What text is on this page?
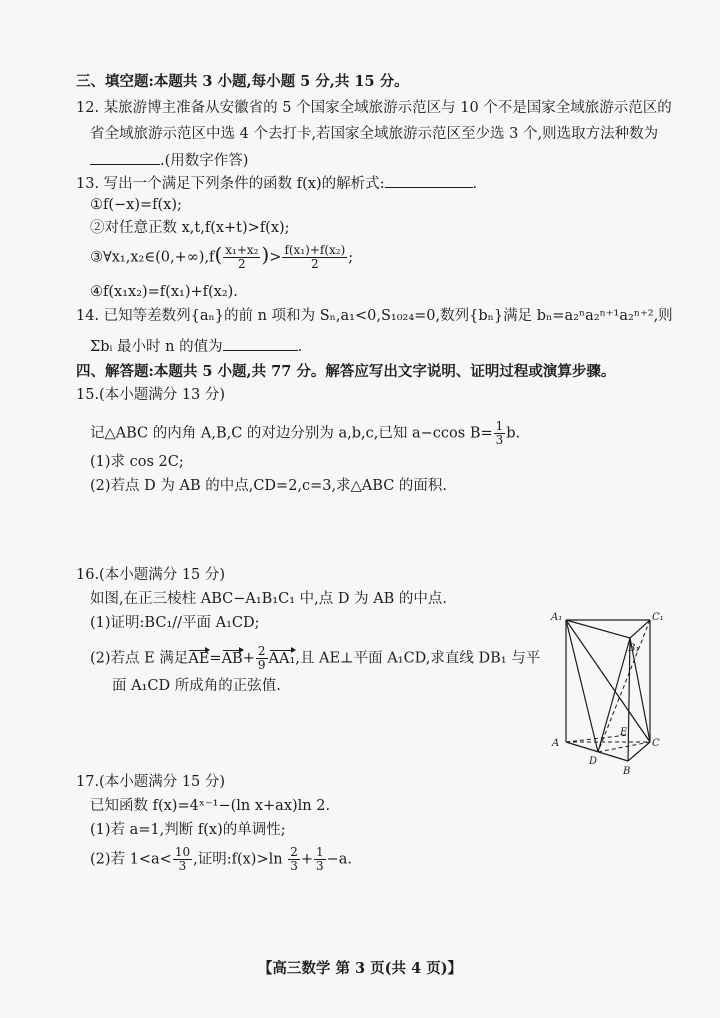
三、填空题:本题共 3 小题,每小题 5 分,共 15 分。
12. 某旅游博主准备从安徽省的 5 个国家全域旅游示范区与 10 个不是国家全域旅游示范区的
省全域旅游示范区中选 4 个去打卡,若国家全域旅游示范区至少选 3 个,则选取方法种数为
.(用数字作答)
13. 写出一个满足下列条件的函数 f(x)的解析式:	.
①f(−x)=f(x);
②对任意正数 x,t,f(x+t)>f(x);
③∀x₁,x₂∈(0,+∞),f( $\frac{\text{x₁+x₂}}{2}$ )> $\frac{\text{f(x₁)+f(x₂)}}{2}$ ;
④f(x₁x₂)=f(x₁)+f(x₂).
14. 已知等差数列{aₙ}的前 n 项和为 Sₙ,a₁<0,S₁₀₂₄=0,数列{bₙ}满足 bₙ=a₂ⁿa₂ⁿ⁺¹a₂ⁿ⁺²,则
Σbᵢ 最小时 n 的值为	.
四、解答题:本题共 5 小题,共 77 分。解答应写出文字说明、证明过程或演算步骤。
15.(本小题满分 13 分)
记△ABC 的内角 A,B,C 的对边分别为 a,b,c,已知 a−ccos $B= \frac{1}{3} b$.
(1)求 cos 2C;
(2)若点 D 为 AB 的中点,CD=2,c=3,求△ABC 的面积.
16.(本小题满分 15 分)
如图,在正三棱柱 ABC−A₁B₁C₁ 中,点 D 为 AB 的中点.
(1)证明:BC₁//平面 A₁CD;
(2)若点 E 满足$AE=AB+ \frac{2}{9} AA_1$,且 AE⊥平面 A₁CD,求直线 DB₁ 与平
面 A₁CD 所成角的正弦值.
A₁	C₁
B₁
A	C
E
D
B
17.(本小题满分 15 分)
已知函数 f(x)=4ˣ⁻¹−(ln x+ax)ln 2.
(1)若 a=1,判断 f(x)的单调性;
(2)若 $1<a< \frac{10}{3}$ ,证明:f(x)>ln $\frac{2}{3} + \frac{1}{3} -a$.
【高三数学 第 3 页(共 4 页)】
